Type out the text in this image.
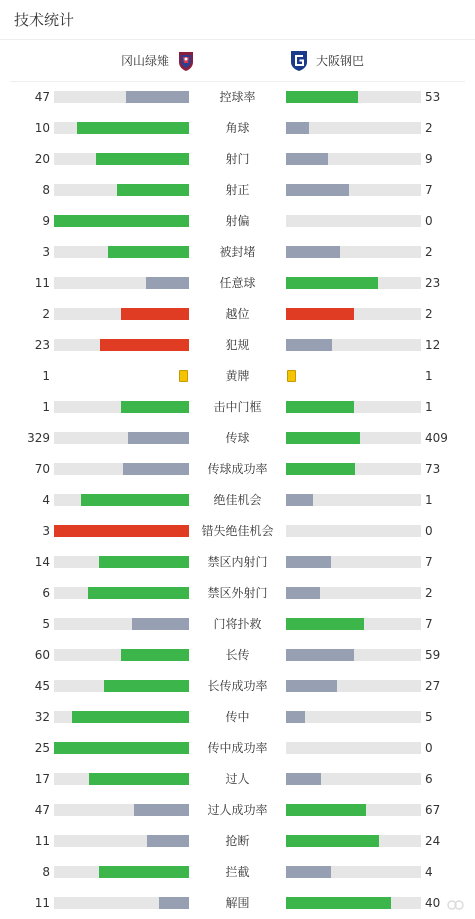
技术统计
冈山绿雉	大阪钢巴
47	控球率	53
10	角球	2
20	射门	9
8	射正	7
9	射偏	0
3	被封堵	2
11	任意球	23
2	越位	2
23	犯规	12
1	黄牌	1
1	击中门框	1
329	传球	409
70	传球成功率	73
4	绝佳机会	1
3	错失绝佳机会	0
14	禁区内射门	7
6	禁区外射门	2
5	门将扑救	7
60	长传	59
45	长传成功率	27
32	传中	5
25	传中成功率	0
17	过人	6
47	过人成功率	67
11	抢断	24
8	拦截	4
11	解围	40
